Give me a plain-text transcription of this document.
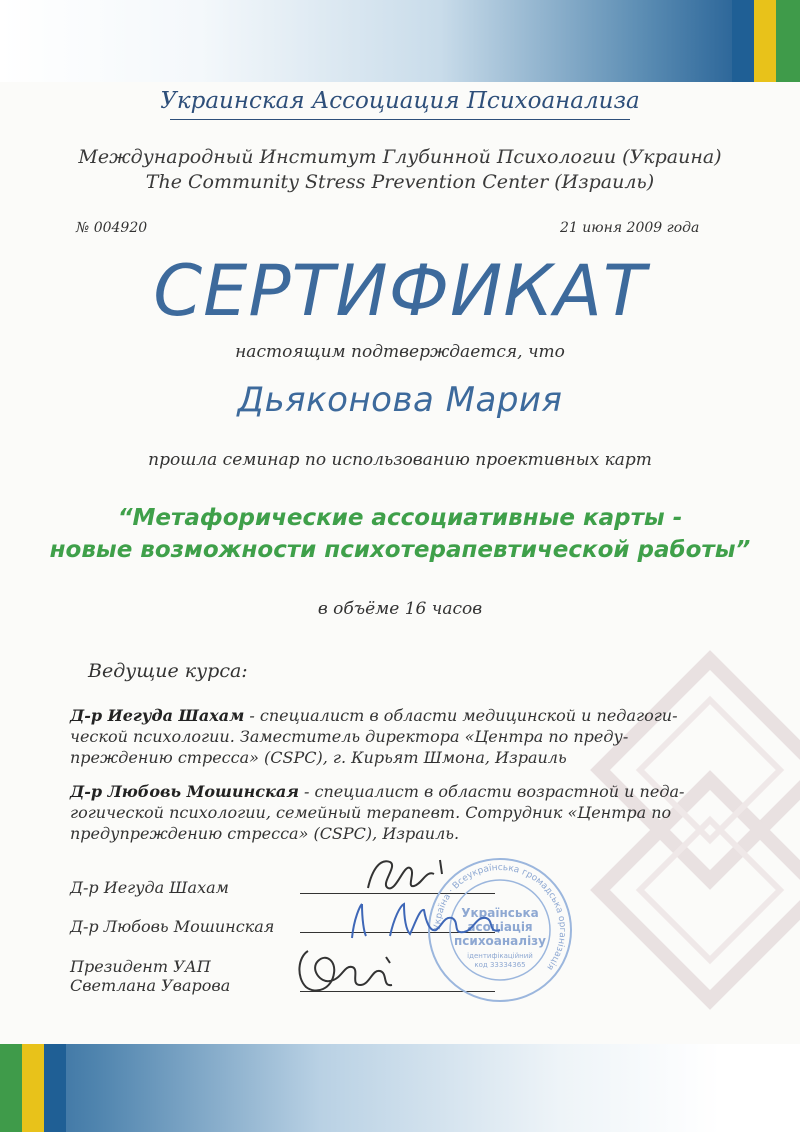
Украинская Ассоциация Психоанализа
Международный Институт Глубинной Психологии (Украина)
The Community Stress Prevention Center (Израиль)
№ 004920	21 июня 2009 года
СЕРТИФИКАТ
настоящим подтверждается, что
Дьяконова Мария
прошла семинар по использованию проективных карт
“Метафорические ассоциативные карты -
новые возможности психотерапевтической работы”
в объёме 16 часов
Ведущие курса:
Д-р Иегуда Шахам - специалист в области медицинской и педагоги-
ческой психологии. Заместитель директора «Центра по преду-
преждению стресса» (CSPC), г. Кирьят Шмона, Израиль
Д-р Любовь Мошинская - специалист в области возрастной и педа-
гогической психологии, семейный терапевт. Сотрудник «Центра по
предупреждению стресса» (CSPC), Израиль.
Д-р Иегуда Шахам
Д-р Любовь Мошинская
Президент УАП
Светлана Уварова
Україна · Всеукраїнська громадська організація
Українська
асоціація
психоаналізу
ідентифікаційний
код 33334365
